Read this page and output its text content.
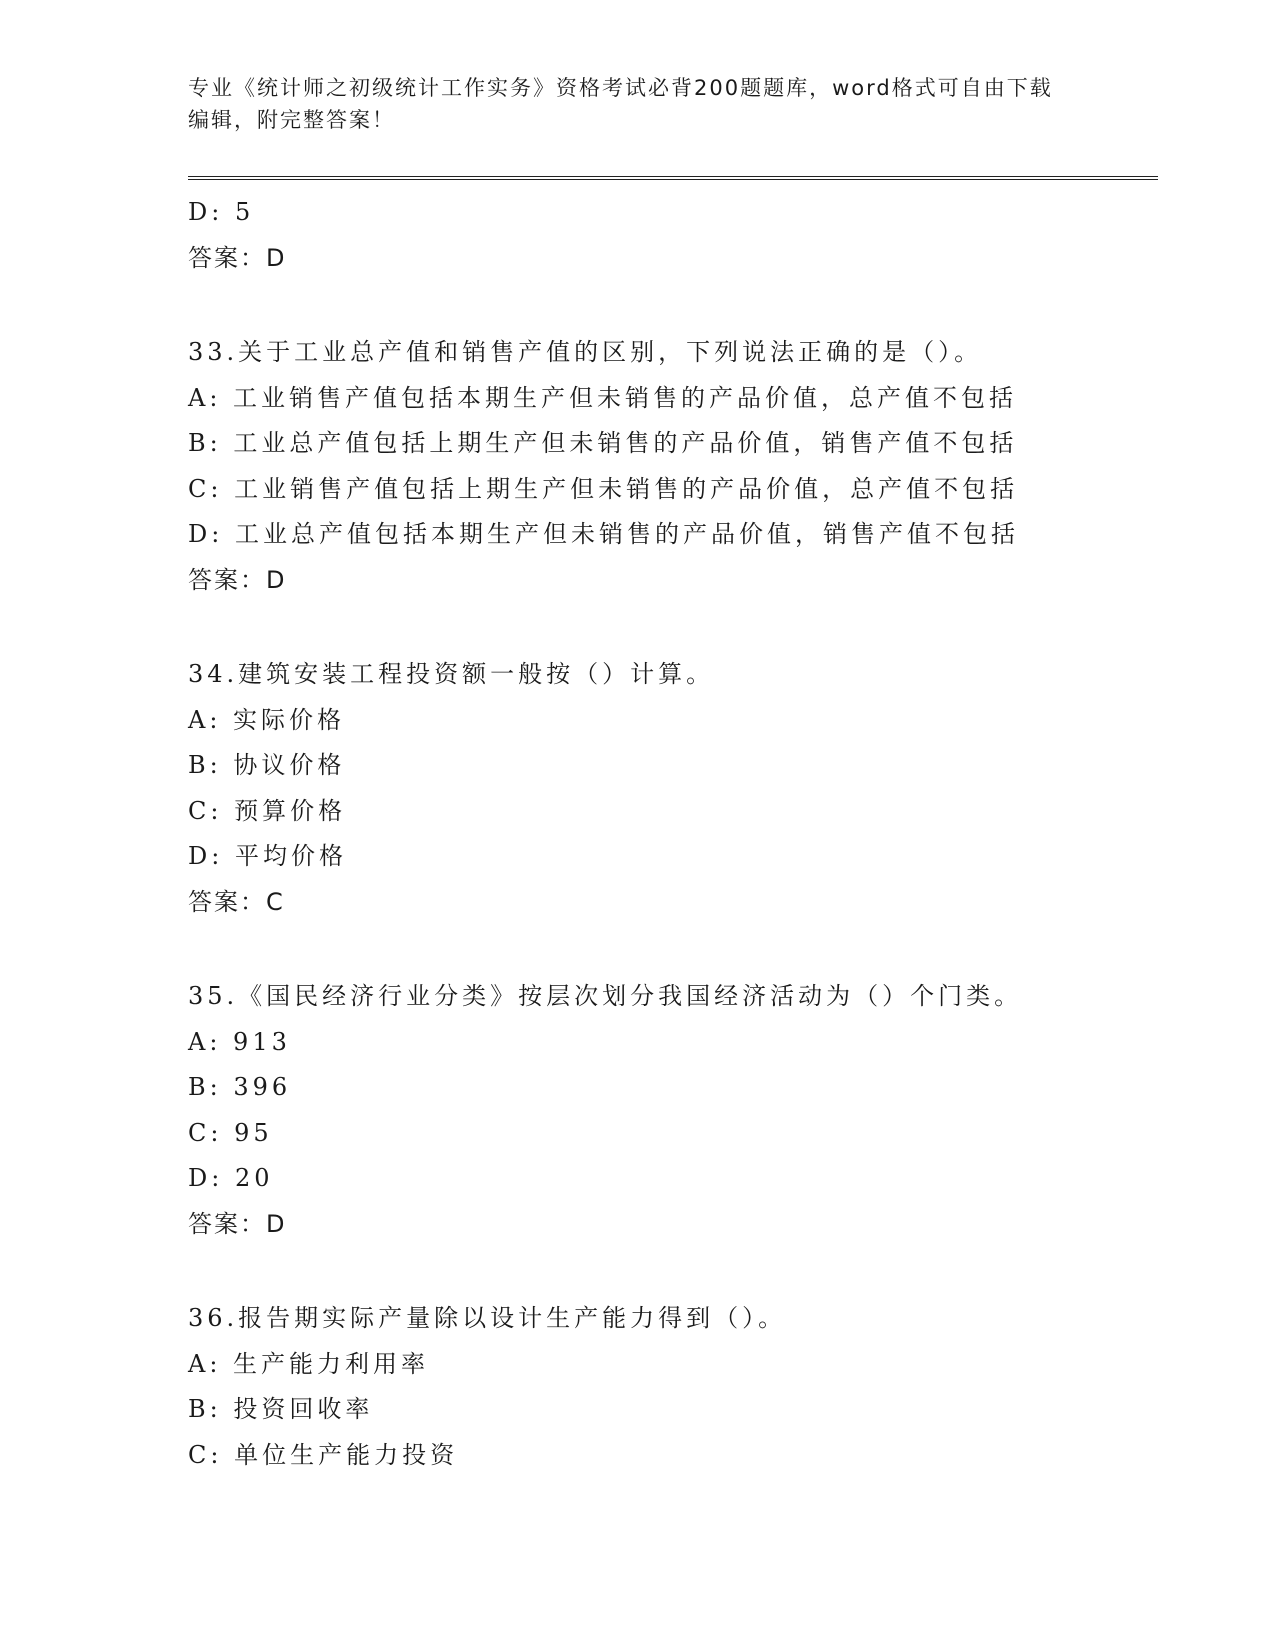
专业《统计师之初级统计工作实务》资格考试必背200题题库，word格式可自由下载编辑，附完整答案！
D: 5
答案：D
33.关于工业总产值和销售产值的区别，下列说法正确的是（）。
A: 工业销售产值包括本期生产但未销售的产品价值，总产值不包括
B: 工业总产值包括上期生产但未销售的产品价值，销售产值不包括
C: 工业销售产值包括上期生产但未销售的产品价值，总产值不包括
D: 工业总产值包括本期生产但未销售的产品价值，销售产值不包括
答案：D
34.建筑安装工程投资额一般按（）计算。
A: 实际价格
B: 协议价格
C: 预算价格
D: 平均价格
答案：C
35.《国民经济行业分类》按层次划分我国经济活动为（）个门类。
A: 913
B: 396
C: 95
D: 20
答案：D
36.报告期实际产量除以设计生产能力得到（）。
A: 生产能力利用率
B: 投资回收率
C: 单位生产能力投资
